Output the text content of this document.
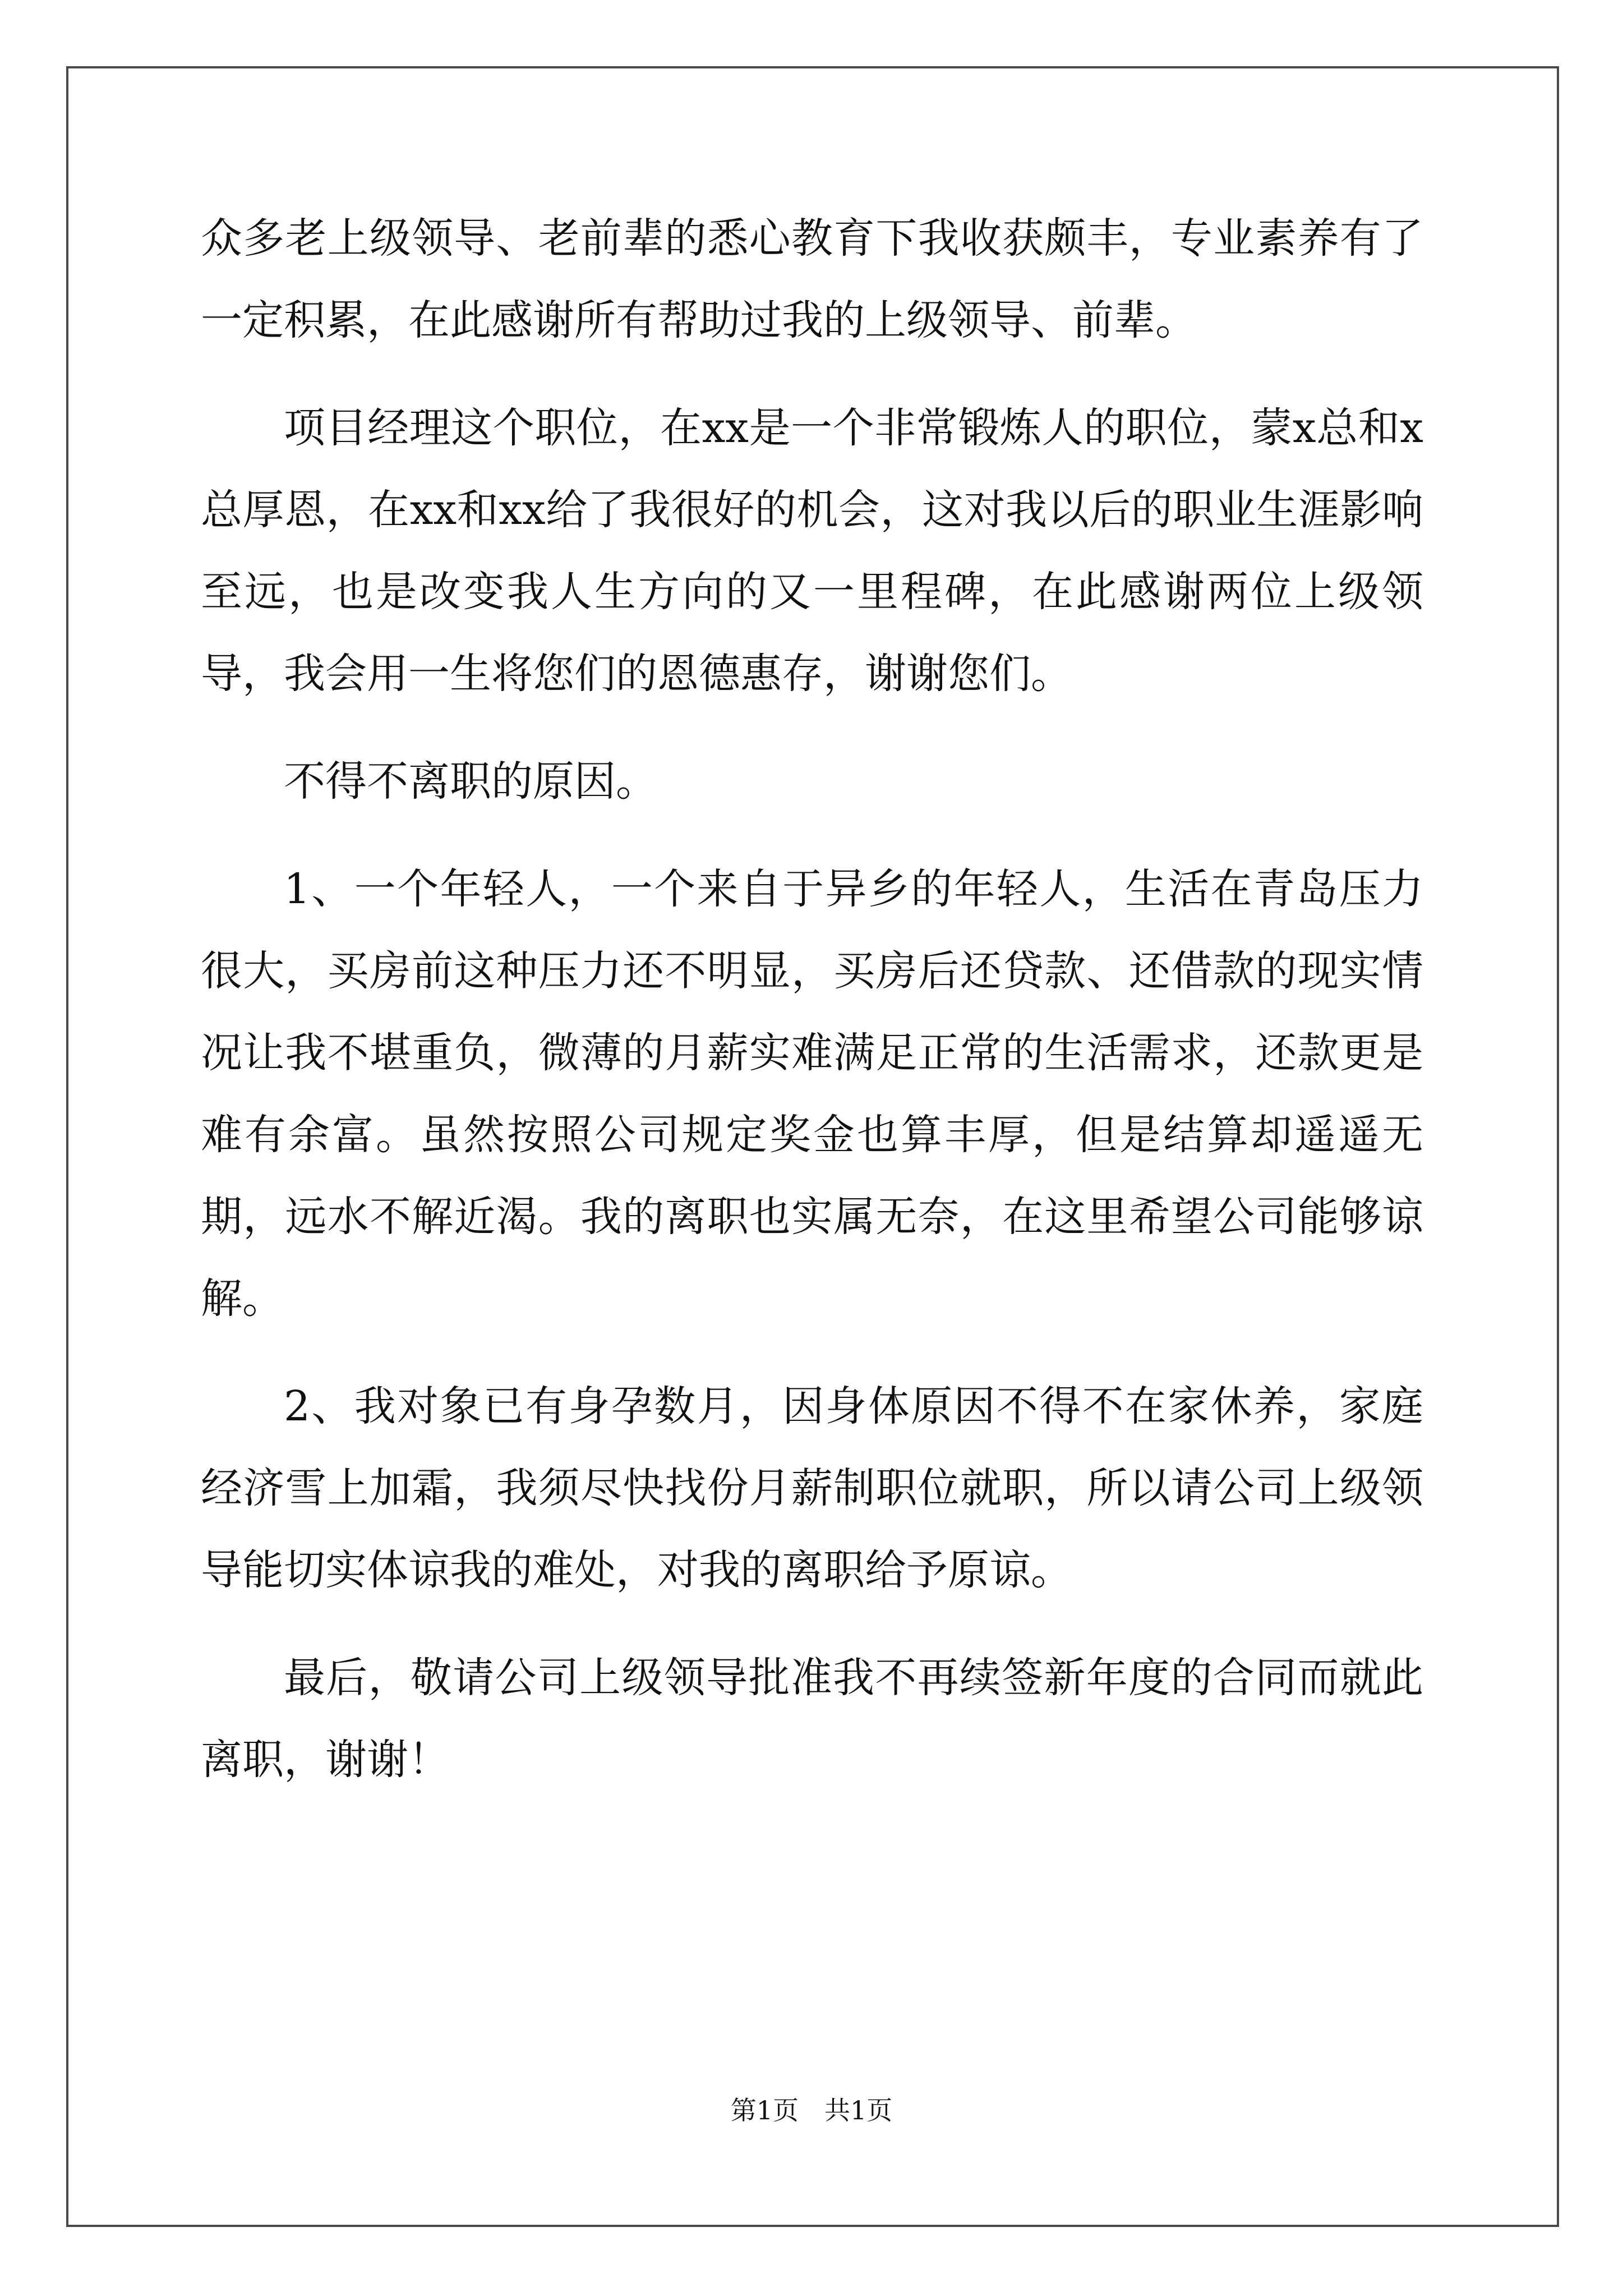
众多老上级领导、老前辈的悉心教育下我收获颇丰，专业素养有了一定积累，在此感谢所有帮助过我的上级领导、前辈。

项目经理这个职位，在xx是一个非常锻炼人的职位，蒙x总和x总厚恩，在xx和xx给了我很好的机会，这对我以后的职业生涯影响至远，也是改变我人生方向的又一里程碑，在此感谢两位上级领导，我会用一生将您们的恩德惠存，谢谢您们。

不得不离职的原因。

1、一个年轻人，一个来自于异乡的年轻人，生活在青岛压力很大，买房前这种压力还不明显，买房后还贷款、还借款的现实情况让我不堪重负，微薄的月薪实难满足正常的生活需求，还款更是难有余富。虽然按照公司规定奖金也算丰厚，但是结算却遥遥无期，远水不解近渴。我的离职也实属无奈，在这里希望公司能够谅解。

2、我对象已有身孕数月，因身体原因不得不在家休养，家庭经济雪上加霜，我须尽快找份月薪制职位就职，所以请公司上级领导能切实体谅我的难处，对我的离职给予原谅。

最后，敬请公司上级领导批准我不再续签新年度的合同而就此离职，谢谢！

第1页　共1页
